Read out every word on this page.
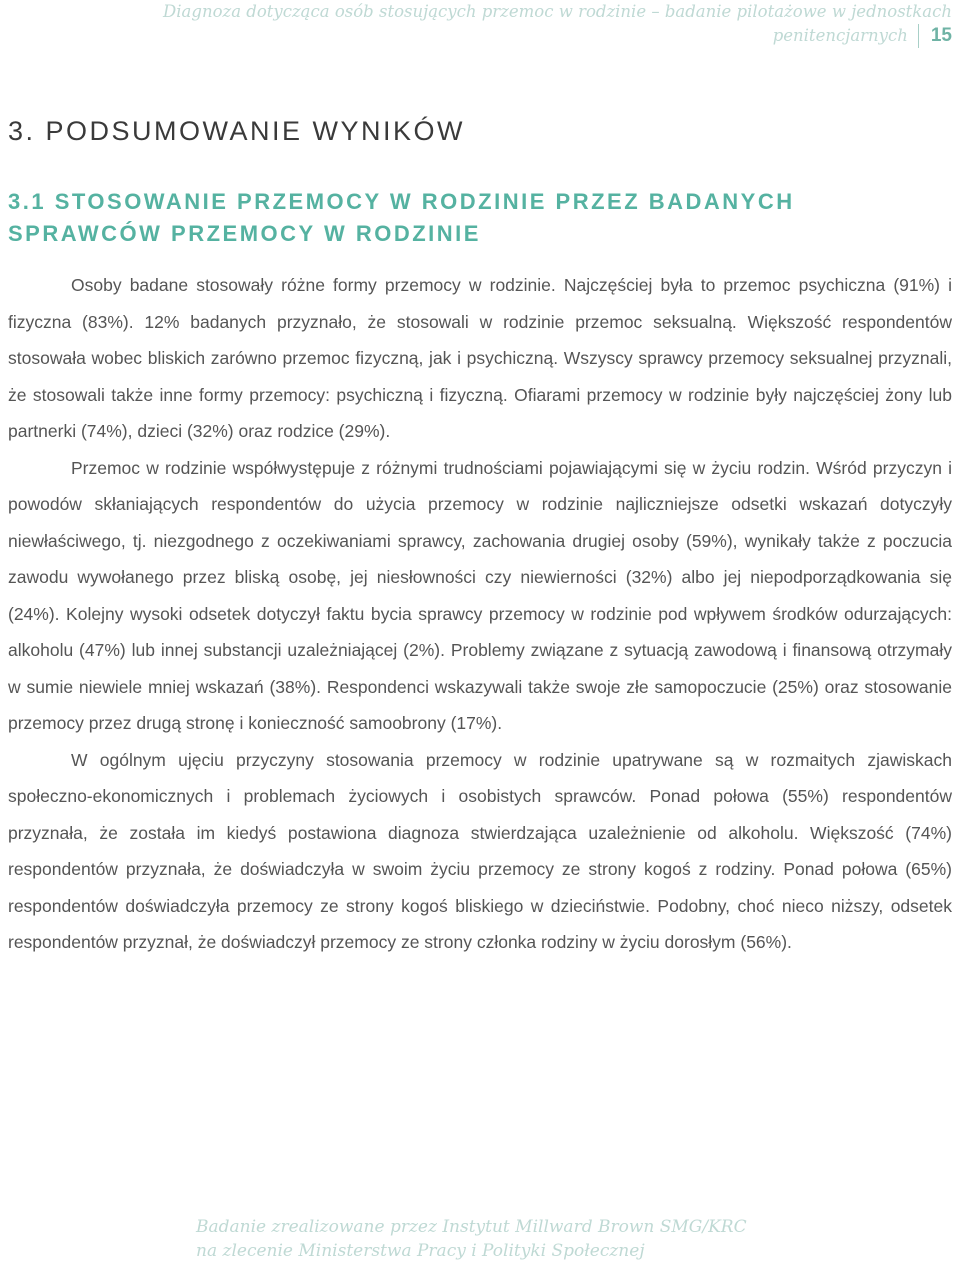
Diagnoza dotycząca osób stosujących przemoc w rodzinie – badanie pilotażowe w jednostkach
penitencjarnych 15
3. PODSUMOWANIE WYNIKÓW
3.1 STOSOWANIE PRZEMOCY W RODZINIE PRZEZ BADANYCH SPRAWCÓW PRZEMOCY W RODZINIE

Osoby badane stosowały różne formy przemocy w rodzinie. Najczęściej była to przemoc psychiczna (91%) i fizyczna (83%). 12% badanych przyznało, że stosowali w rodzinie przemoc seksualną. Większość respondentów stosowała wobec bliskich zarówno przemoc fizyczną, jak i psychiczną. Wszyscy sprawcy przemocy seksualnej przyznali, że stosowali także inne formy przemocy: psychiczną i fizyczną. Ofiarami przemocy w rodzinie były najczęściej żony lub partnerki (74%), dzieci (32%) oraz rodzice (29%).

Przemoc w rodzinie współwystępuje z różnymi trudnościami pojawiającymi się w życiu rodzin. Wśród przyczyn i powodów skłaniających respondentów do użycia przemocy w rodzinie najliczniejsze odsetki wskazań dotyczyły niewłaściwego, tj. niezgodnego z oczekiwaniami sprawcy, zachowania drugiej osoby (59%), wynikały także z poczucia zawodu wywołanego przez bliską osobę, jej niesłowności czy niewierności (32%) albo jej niepodporządkowania się (24%). Kolejny wysoki odsetek dotyczył faktu bycia sprawcy przemocy w rodzinie pod wpływem środków odurzających: alkoholu (47%) lub innej substancji uzależniającej (2%). Problemy związane z sytuacją zawodową i finansową otrzymały w sumie niewiele mniej wskazań (38%). Respondenci wskazywali także swoje złe samopoczucie (25%) oraz stosowanie przemocy przez drugą stronę i konieczność samoobrony (17%).

W ogólnym ujęciu przyczyny stosowania przemocy w rodzinie upatrywane są w rozmaitych zjawiskach społeczno-ekonomicznych i problemach życiowych i osobistych sprawców. Ponad połowa (55%) respondentów przyznała, że została im kiedyś postawiona diagnoza stwierdzająca uzależnienie od alkoholu. Większość (74%) respondentów przyznała, że doświadczyła w swoim życiu przemocy ze strony kogoś z rodziny. Ponad połowa (65%) respondentów doświadczyła przemocy ze strony kogoś bliskiego w dzieciństwie. Podobny, choć nieco niższy, odsetek respondentów przyznał, że doświadczył przemocy ze strony członka rodziny w życiu dorosłym (56%).

Badanie zrealizowane przez Instytut Millward Brown SMG/KRC
na zlecenie Ministerstwa Pracy i Polityki Społecznej
